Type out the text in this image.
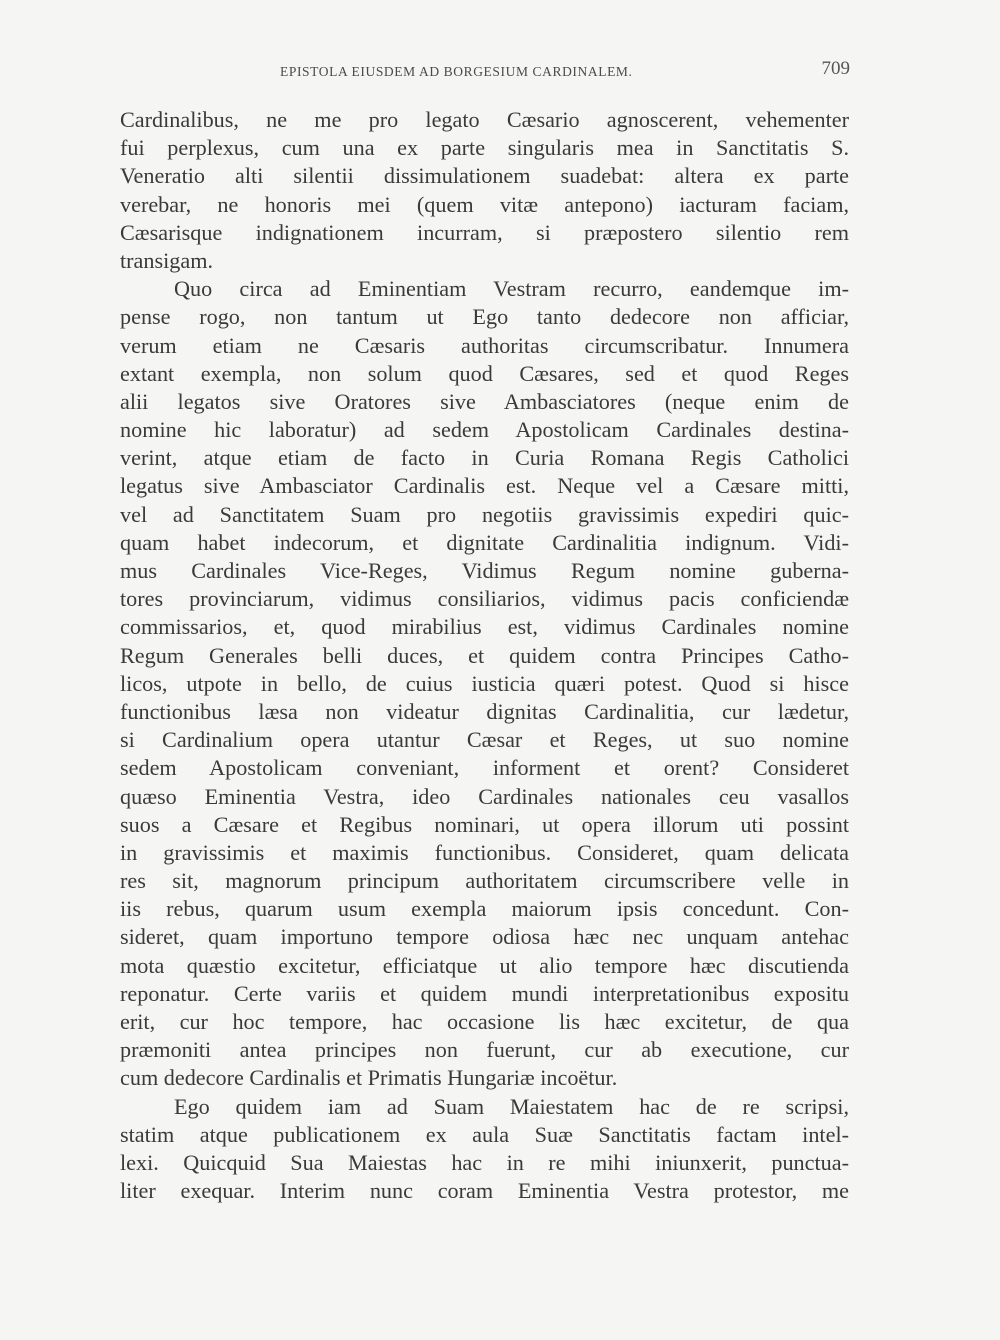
EPISTOLA EIUSDEM AD BORGESIUM CARDINALEM.	709
Cardinalibus, ne me pro legato Cæsario agnoscerent, vehementer
fui perplexus, cum una ex parte singularis mea in Sanctitatis S.
Veneratio alti silentii dissimulationem suadebat: altera ex parte
verebar, ne honoris mei (quem vitæ antepono) iacturam faciam,
Cæsarisque indignationem incurram, si præpostero silentio rem
transigam.
Quo circa ad Eminentiam Vestram recurro, eandemque im-
pense rogo, non tantum ut Ego tanto dedecore non afficiar,
verum etiam ne Cæsaris authoritas circumscribatur. Innumera
extant exempla, non solum quod Cæsares, sed et quod Reges
alii legatos sive Oratores sive Ambasciatores (neque enim de
nomine hic laboratur) ad sedem Apostolicam Cardinales destina-
verint, atque etiam de facto in Curia Romana Regis Catholici
legatus sive Ambasciator Cardinalis est. Neque vel a Cæsare mitti,
vel ad Sanctitatem Suam pro negotiis gravissimis expediri quic-
quam habet indecorum, et dignitate Cardinalitia indignum. Vidi-
mus Cardinales Vice-Reges, Vidimus Regum nomine guberna-
tores provinciarum, vidimus consiliarios, vidimus pacis conficiendæ
commissarios, et, quod mirabilius est, vidimus Cardinales nomine
Regum Generales belli duces, et quidem contra Principes Catho-
licos, utpote in bello, de cuius iusticia quæri potest. Quod si hisce
functionibus læsa non videatur dignitas Cardinalitia, cur lædetur,
si Cardinalium opera utantur Cæsar et Reges, ut suo nomine
sedem Apostolicam conveniant, informent et orent? Consideret
quæso Eminentia Vestra, ideo Cardinales nationales ceu vasallos
suos a Cæsare et Regibus nominari, ut opera illorum uti possint
in gravissimis et maximis functionibus. Consideret, quam delicata
res sit, magnorum principum authoritatem circumscribere velle in
iis rebus, quarum usum exempla maiorum ipsis concedunt. Con-
sideret, quam importuno tempore odiosa hæc nec unquam antehac
mota quæstio excitetur, efficiatque ut alio tempore hæc discutienda
reponatur. Certe variis et quidem mundi interpretationibus expositu
erit, cur hoc tempore, hac occasione lis hæc excitetur, de qua
præmoniti antea principes non fuerunt, cur ab executione, cur
cum dedecore Cardinalis et Primatis Hungariæ incoëtur.
Ego quidem iam ad Suam Maiestatem hac de re scripsi,
statim atque publicationem ex aula Suæ Sanctitatis factam intel-
lexi. Quicquid Sua Maiestas hac in re mihi iniunxerit, punctua-
liter exequar. Interim nunc coram Eminentia Vestra protestor, me
